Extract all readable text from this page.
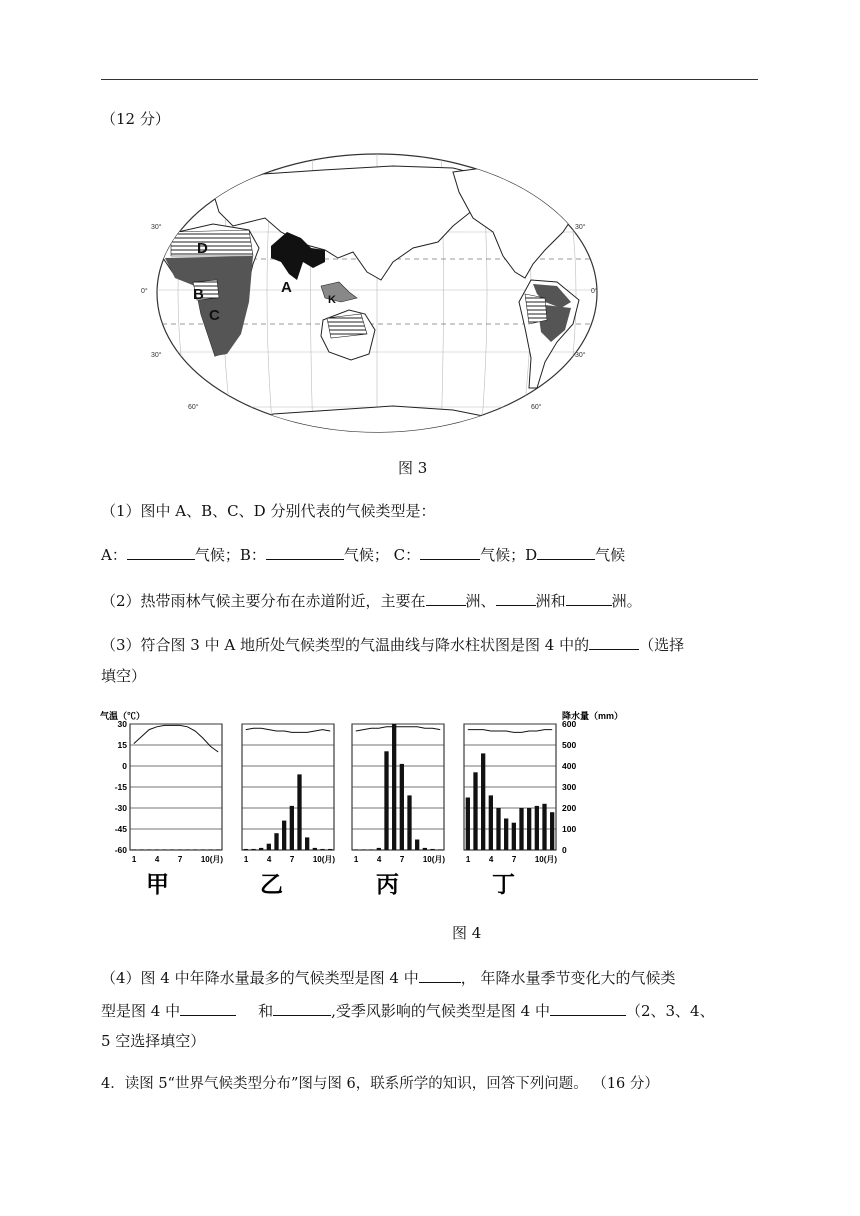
（12 分）
D
B
C
A
K
30°
0°
30°
60°
30°
0°
30°
60°
图 3
（1）图中 A、B、C、D 分别代表的气候类型是：
A：	气候；B：	气候； C：	气候；D	气候
（2）热带雨林气候主要分布在赤道附近，主要在	洲、	洲和	洲。
（3）符合图 3 中 A 地所处气候类型的气温曲线与降水柱状图是图 4 中的	（选择
填空）
气温（℃）	降水量（mm）
30
15
0
-15
-30
-45
-60
600
500
400
300
200
100
0
1 4 7 10(月)
甲
1 4 7 10(月)
乙
1 4 7 10(月)
丙
1 4 7 10(月)
丁
图 4
（4）图 4 中年降水量最多的气候类型是图 4 中	， 年降水量季节变化大的气候类
型是图 4 中	和	,受季风影响的气候类型是图 4 中	（2、3、4、
5 空选择填空）
4．读图 5“世界气候类型分布”图与图 6，联系所学的知识，回答下列问题。 （16 分）
